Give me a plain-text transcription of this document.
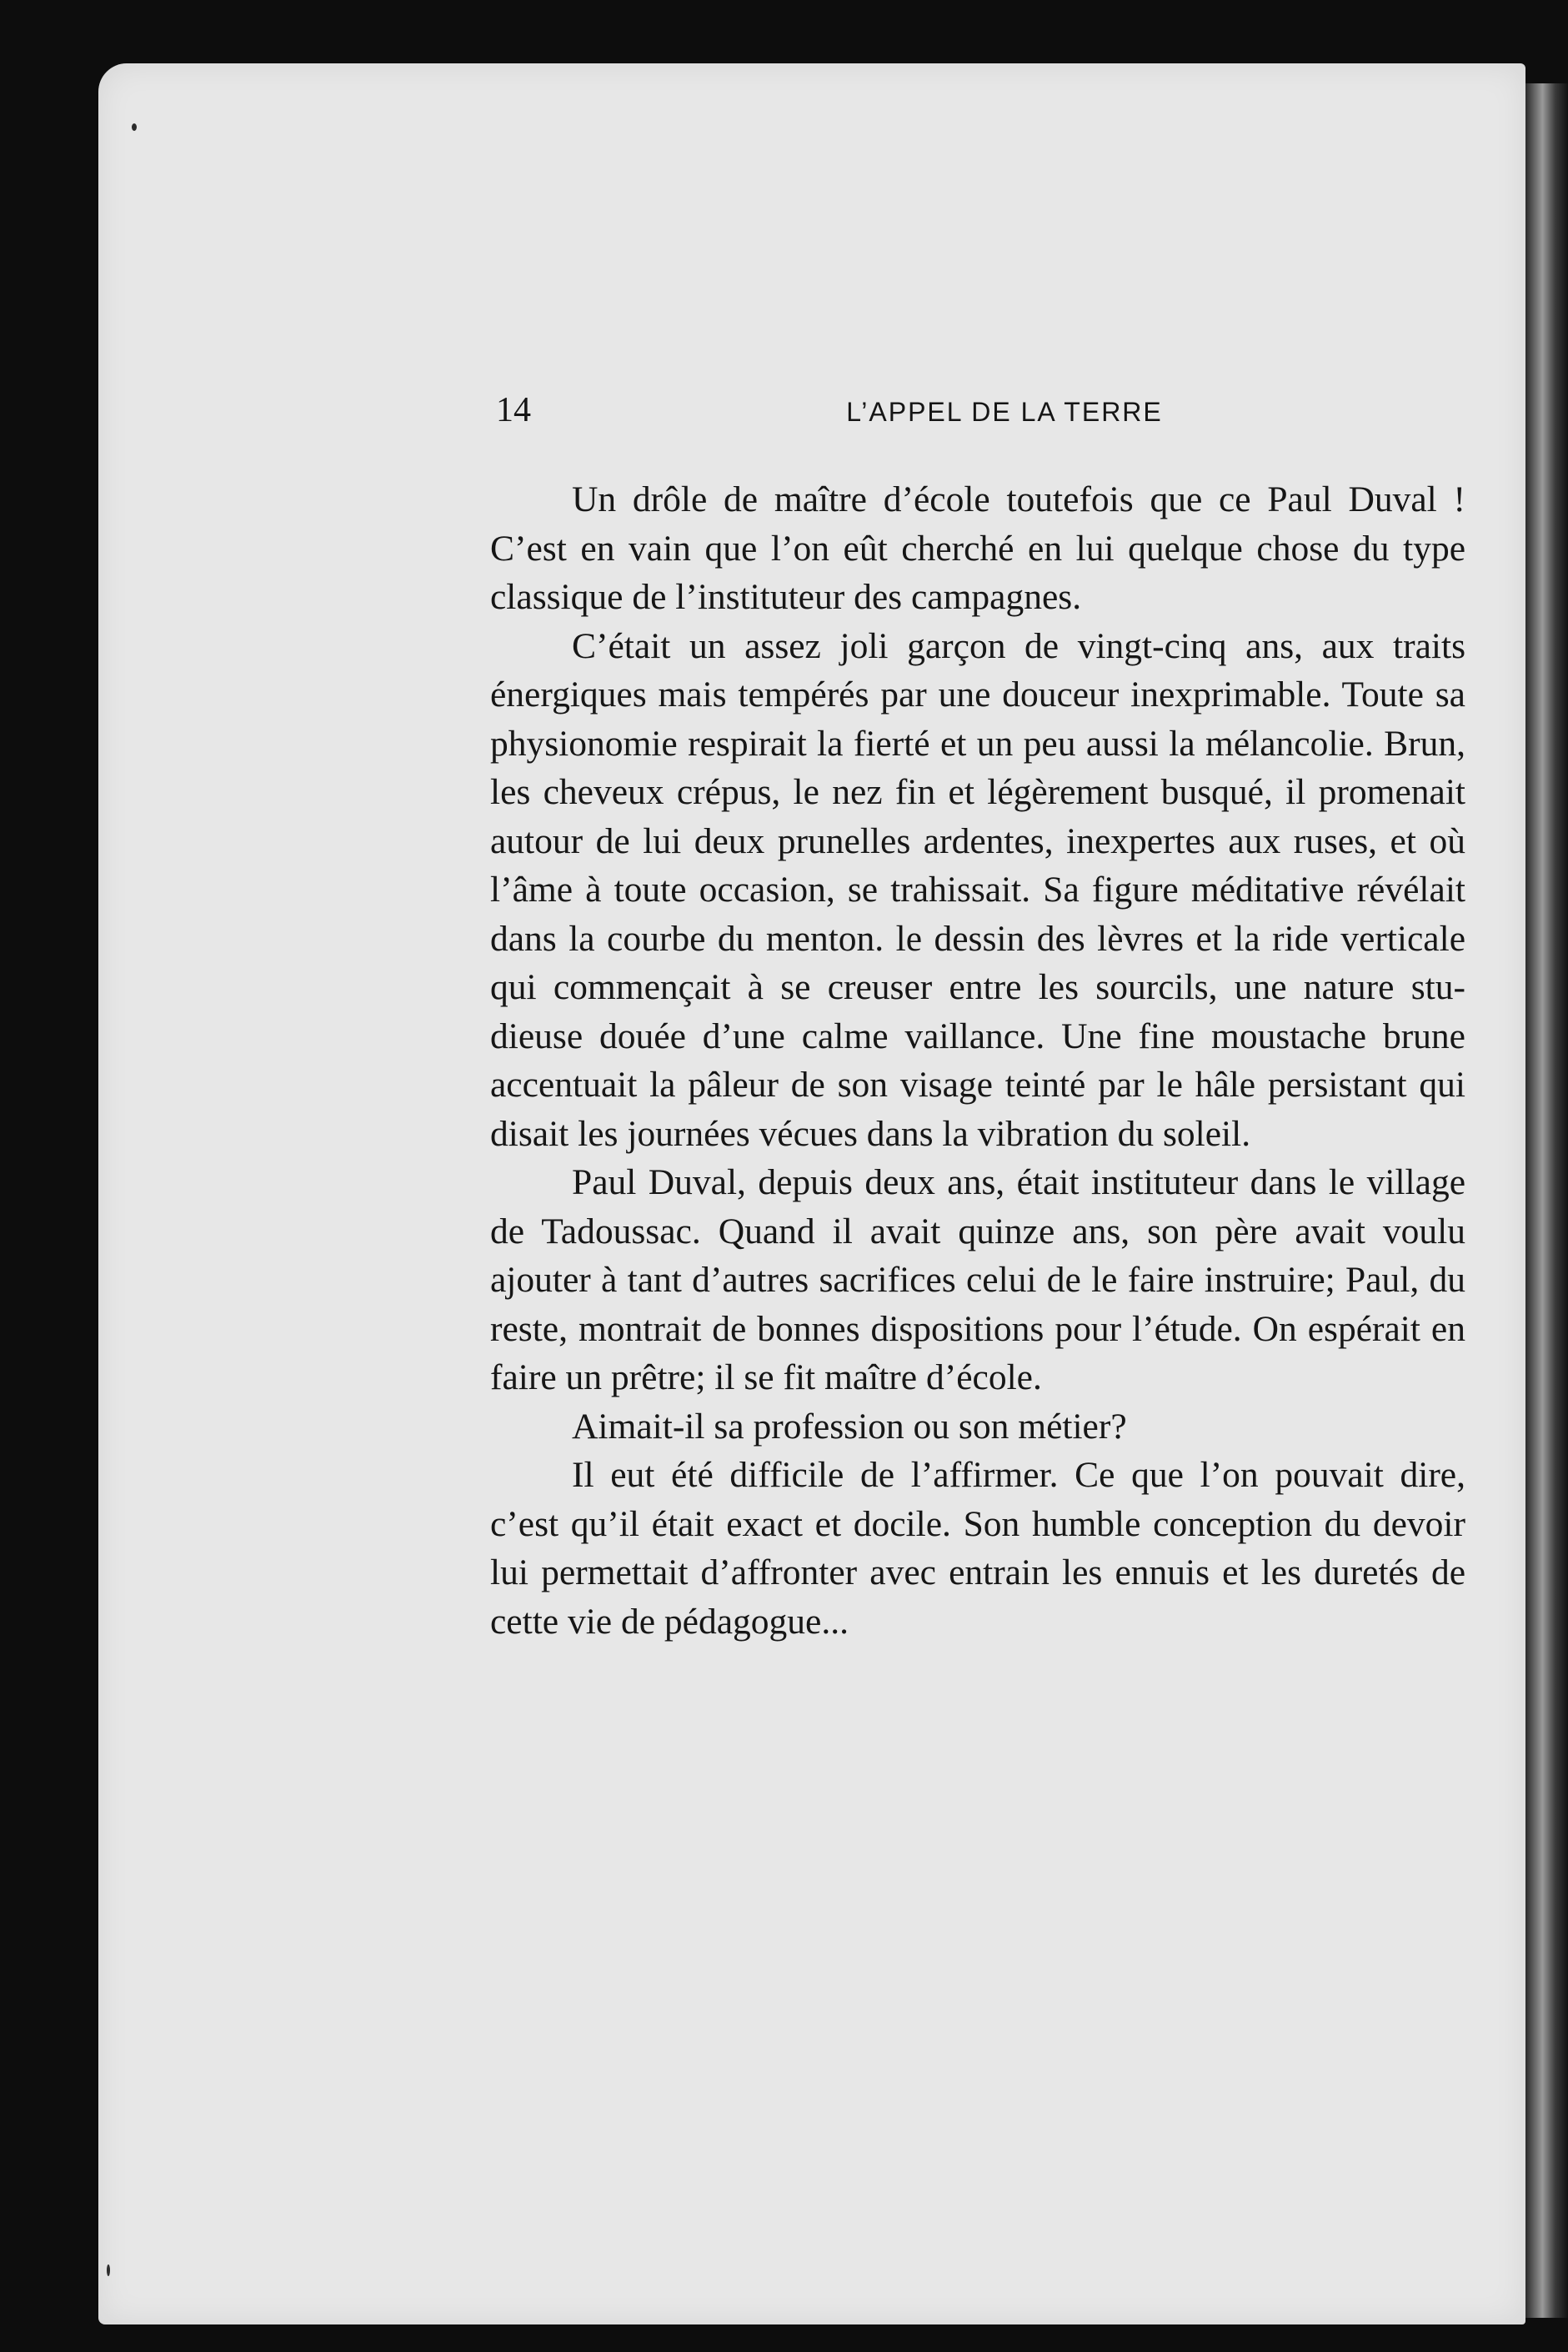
14	L’APPEL DE LA TERRE

Un drôle de maître d’école toutefois que ce Paul Duval ! C’est en vain que l’on eût cherché en lui quelque chose du type classique de l’instituteur des campagnes.

C’était un assez joli garçon de vingt-cinq ans, aux traits énergiques mais tempérés par une douceur inexprimable. Toute sa physionomie respirait la fierté et un peu aussi la mélancolie. Brun, les cheveux crépus, le nez fin et légèrement busqué, il promenait autour de lui deux prunelles ardentes, inexpertes aux ruses, et où l’âme à toute occasion, se trahissait. Sa figure méditative révélait dans la courbe du menton. le dessin des lèvres et la ride verticale qui commençait à se creuser entre les sourcils, une nature studieuse douée d’une calme vaillance. Une fine moustache brune accentuait la pâleur de son visage teinté par le hâle persistant qui disait les journées vécues dans la vibration du soleil.

Paul Duval, depuis deux ans, était instituteur dans le village de Tadoussac. Quand il avait quinze ans, son père avait voulu ajouter à tant d’autres sacrifices celui de le faire instruire; Paul, du reste, montrait de bonnes dispositions pour l’étude. On espérait en faire un prêtre; il se fit maître d’école.

Aimait-il sa profession ou son métier?

Il eut été difficile de l’affirmer. Ce que l’on pouvait dire, c’est qu’il était exact et docile. Son humble conception du devoir lui permettait d’affronter avec entrain les ennuis et les duretés de cette vie de pédagogue...
